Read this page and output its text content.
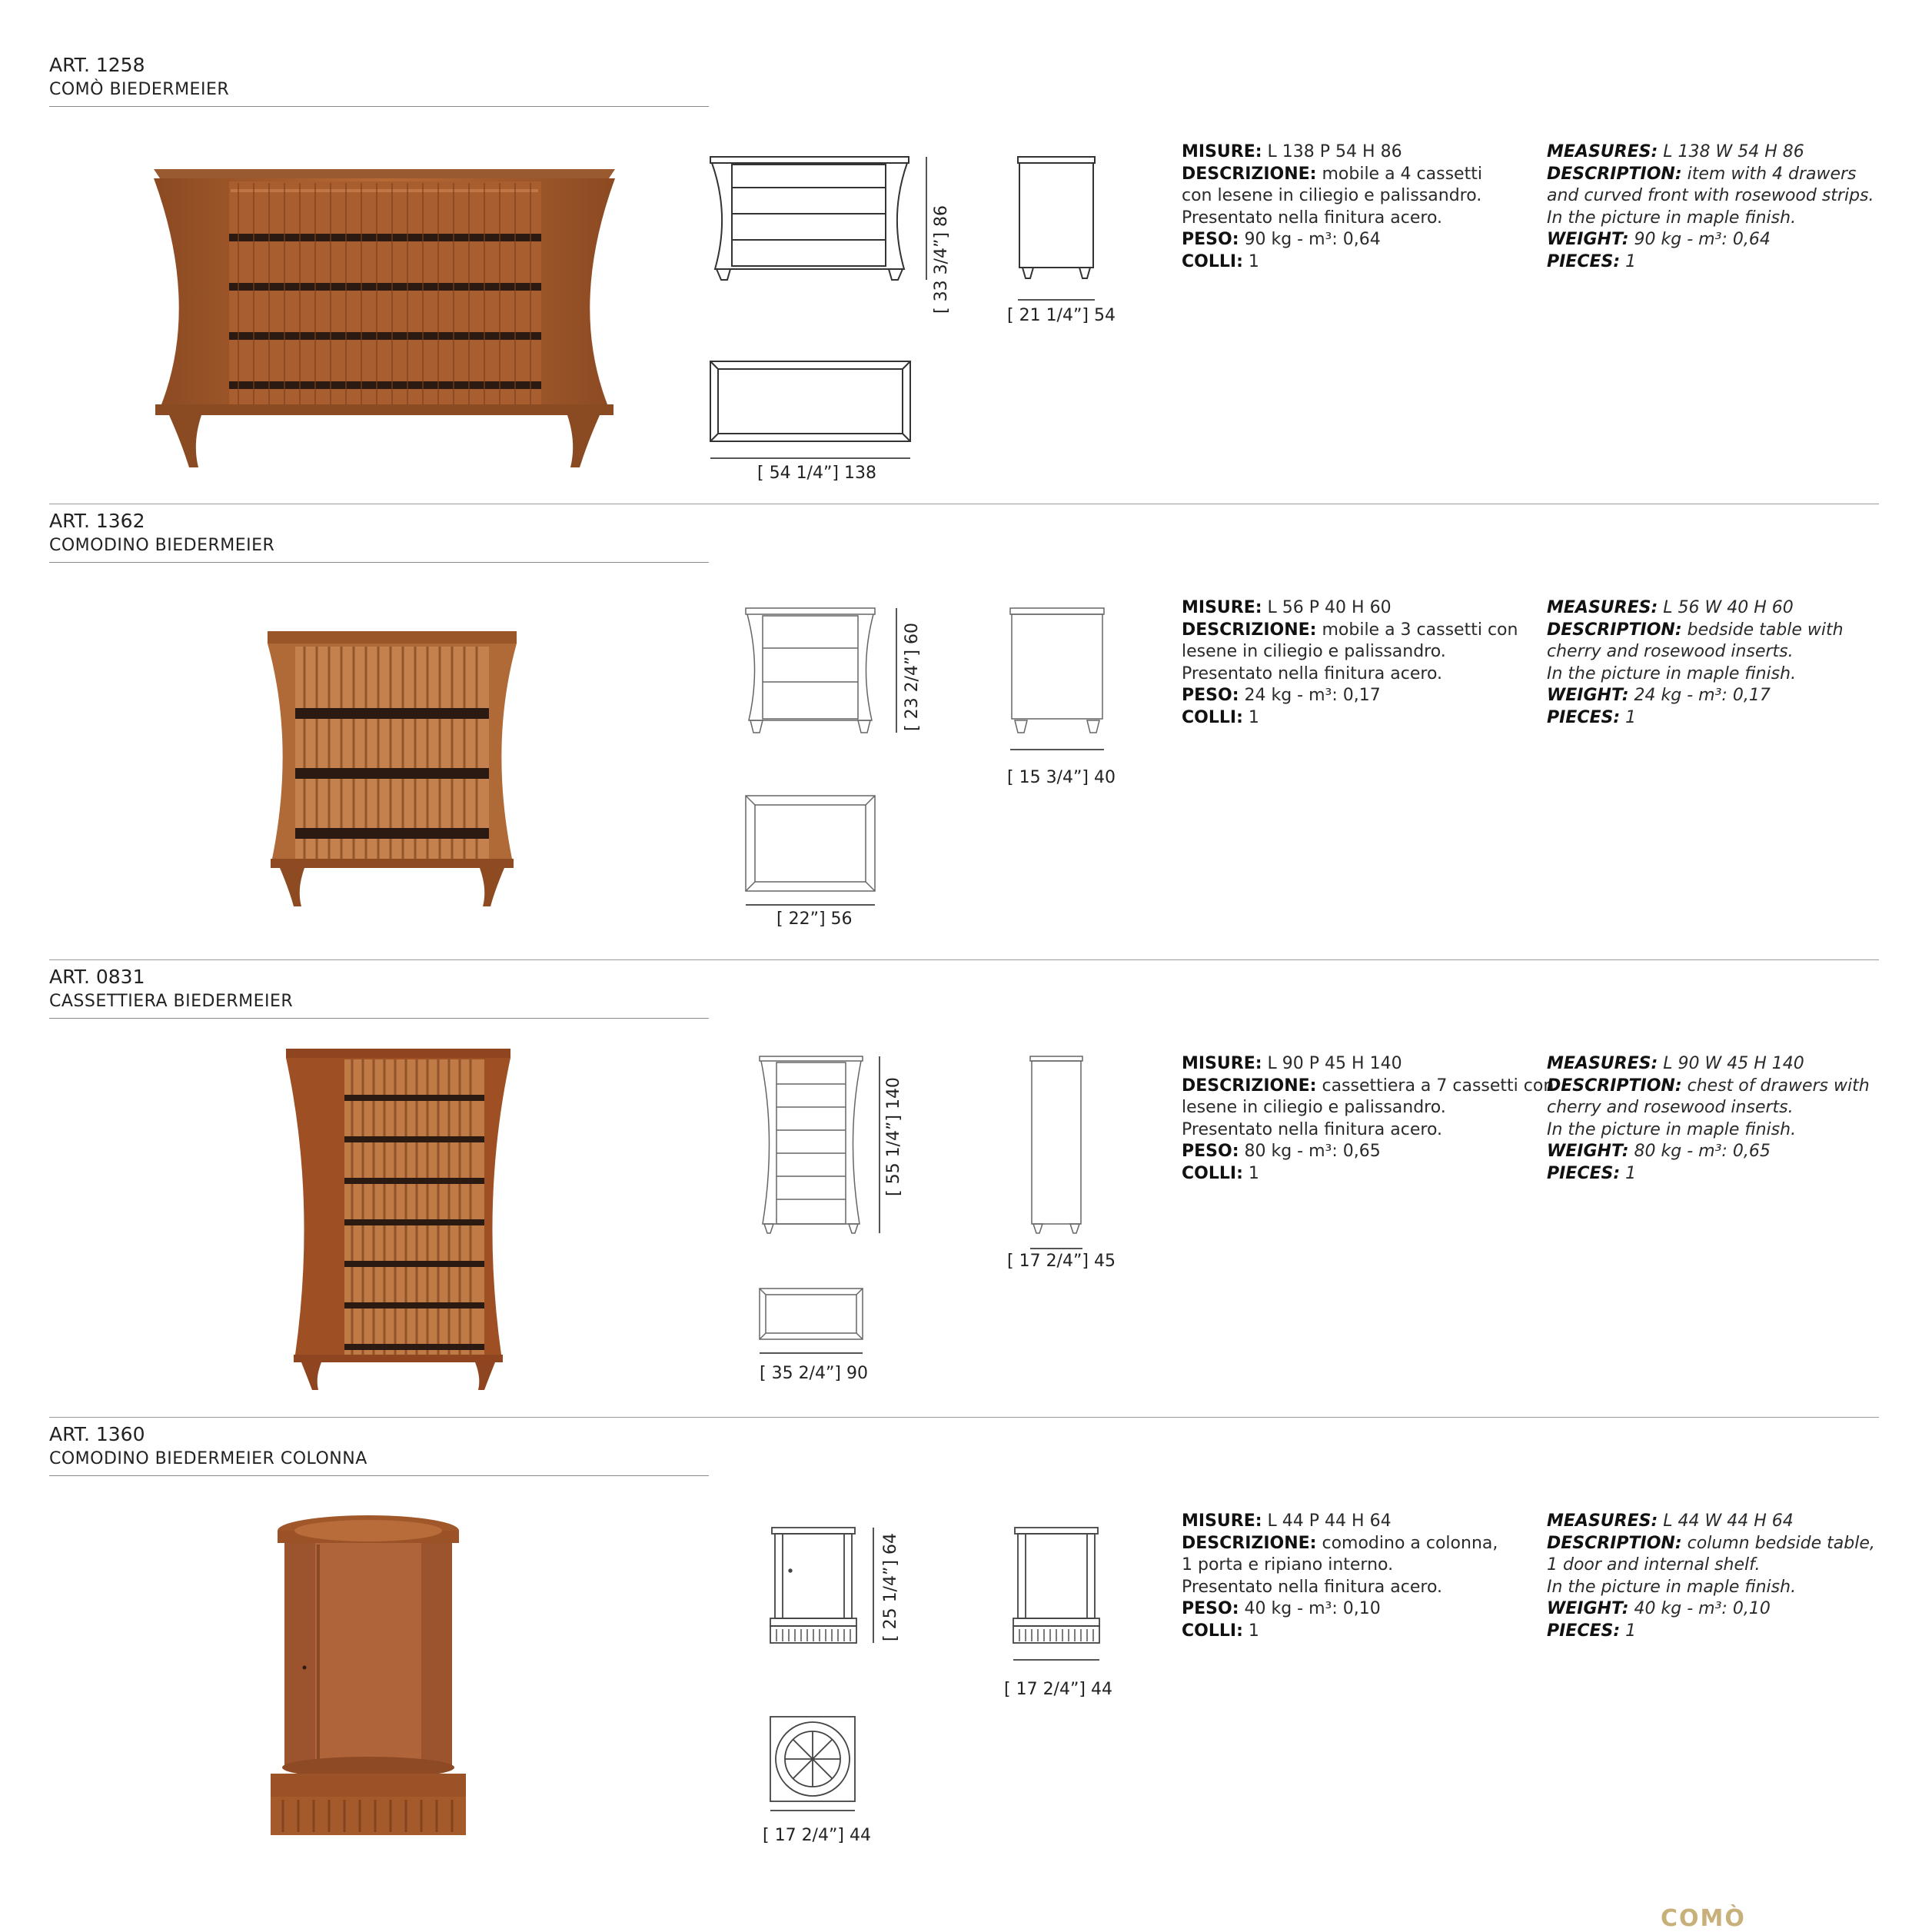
ART. 1258
COMÒ BIEDERMEIER
[ 33 3/4”] 86
[ 21 1/4”] 54
[ 54 1/4”] 138
MISURE: L 138 P 54 H 86
DESCRIZIONE: mobile a 4 cassetti
con lesene in ciliegio e palissandro.
Presentato nella finitura acero.
PESO: 90 kg - m³: 0,64
COLLI: 1
MEASURES: L 138 W 54 H 86
DESCRIPTION: item with 4 drawers
and curved front with rosewood strips.
In the picture in maple finish.
WEIGHT: 90 kg - m³: 0,64
PIECES: 1
ART. 1362
COMODINO BIEDERMEIER
[ 23 2/4”] 60
[ 15 3/4”] 40
[ 22”] 56
MISURE: L 56 P 40 H 60
DESCRIZIONE: mobile a 3 cassetti con
lesene in ciliegio e palissandro.
Presentato nella finitura acero.
PESO: 24 kg - m³: 0,17
COLLI: 1
MEASURES: L 56 W 40 H 60
DESCRIPTION: bedside table with
cherry and rosewood inserts.
In the picture in maple finish.
WEIGHT: 24 kg - m³: 0,17
PIECES: 1
ART. 0831
CASSETTIERA BIEDERMEIER
[ 55 1/4”] 140
[ 17 2/4”] 45
[ 35 2/4”] 90
MISURE: L 90 P 45 H 140
DESCRIZIONE: cassettiera a 7 cassetti con
lesene in ciliegio e palissandro.
Presentato nella finitura acero.
PESO: 80 kg - m³: 0,65
COLLI: 1
MEASURES: L 90 W 45 H 140
DESCRIPTION: chest of drawers with
cherry and rosewood inserts.
In the picture in maple finish.
WEIGHT: 80 kg - m³: 0,65
PIECES: 1
ART. 1360
COMODINO BIEDERMEIER COLONNA
[ 25 1/4”] 64
[ 17 2/4”] 44
[ 17 2/4”] 44
MISURE: L 44 P 44 H 64
DESCRIZIONE: comodino a colonna,
1 porta e ripiano interno.
Presentato nella finitura acero.
PESO: 40 kg - m³: 0,10
COLLI: 1
MEASURES: L 44 W 44 H 64
DESCRIPTION: column bedside table,
1 door and internal shelf.
In the picture in maple finish.
WEIGHT: 40 kg - m³: 0,10
PIECES: 1
COMÒ
